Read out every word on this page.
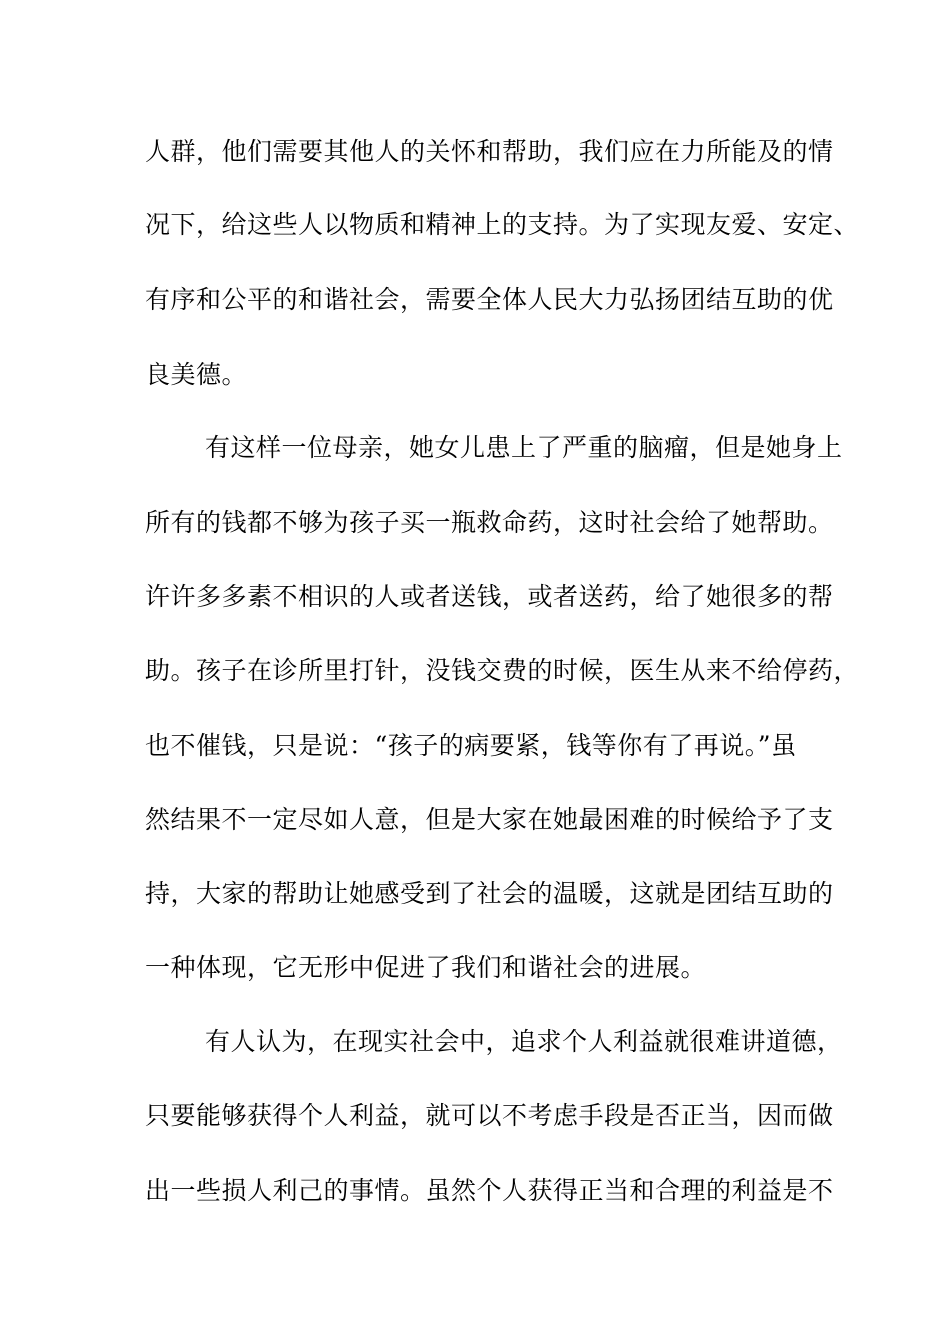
人群，他们需要其他人的关怀和帮助，我们应在力所能及的情
况下，给这些人以物质和精神上的支持。为了实现友爱、安定、
有序和公平的和谐社会，需要全体人民大力弘扬团结互助的优
良美德。
有这样一位母亲，她女儿患上了严重的脑瘤，但是她身上
所有的钱都不够为孩子买一瓶救命药，这时社会给了她帮助。
许许多多素不相识的人或者送钱，或者送药，给了她很多的帮
助。孩子在诊所里打针，没钱交费的时候，医生从来不给停药，
也不催钱，只是说：“孩子的病要紧，钱等你有了再说。”虽
然结果不一定尽如人意，但是大家在她最困难的时候给予了支
持，大家的帮助让她感受到了社会的温暖，这就是团结互助的
一种体现，它无形中促进了我们和谐社会的进展。
有人认为，在现实社会中，追求个人利益就很难讲道德，
只要能够获得个人利益，就可以不考虑手段是否正当，因而做
出一些损人利己的事情。虽然个人获得正当和合理的利益是不
